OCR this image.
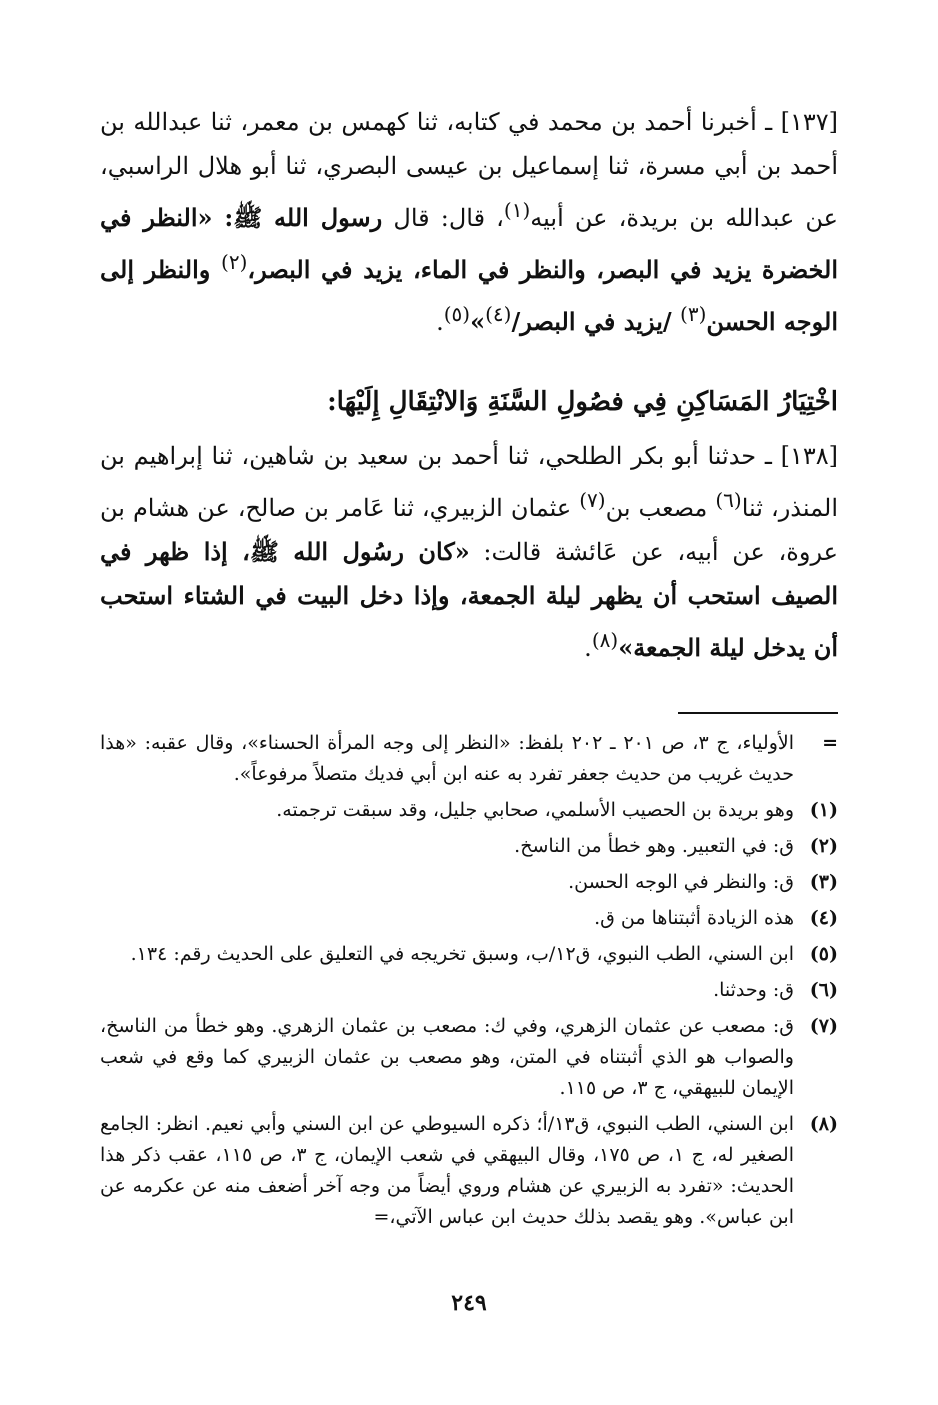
[١٣٧] ـ أخبرنا أحمد بن محمد في كتابه، ثنا كهمس بن معمر، ثنا عبدالله بن أحمد بن أبي مسرة، ثنا إسماعيل بن عيسى البصري، ثنا أبو هلال الراسبي، عن عبدالله بن بريدة، عن أبيه$^{(١)}$، قال: قال رسول الله ﷺ: «النظر في الخضرة يزيد في البصر، والنظر في الماء، يزيد في البصر،$^{(٢)}$ والنظر إلى الوجه الحسن$^{(٣)}$ /يزيد في البصر/$^{(٤)}$»$^{(٥)}$.

اخْتِيَارُ المَسَاكِنِ فِي فصُولِ السَّنَةِ وَالانْتِقَالِ إِلَيْهَا:

[١٣٨] ـ حدثنا أبو بكر الطلحي، ثنا أحمد بن سعيد بن شاهين، ثنا إبراهيم بن المنذر، ثنا$^{(٦)}$ مصعب بن$^{(٧)}$ عثمان الزبيري، ثنا عَامر بن صالح، عن هشام بن عروة، عن أبيه، عن عَائشة قالت: «كان رسُول الله ﷺ، إذا ظهر في الصيف استحب أن يظهر ليلة الجمعة، وإذا دخل البيت في الشتاء استحب أن يدخل ليلة الجمعة»$^{(٨)}$.

=
الأولياء، ج ٣، ص ٢٠١ ـ ٢٠٢ بلفظ: «النظر إلى وجه المرأة الحسناء»، وقال عقبه: «هذا حديث غريب من حديث جعفر تفرد به عنه ابن أبي فديك متصلاً مرفوعاً».
(١)
وهو بريدة بن الحصيب الأسلمي، صحابي جليل، وقد سبقت ترجمته.
(٢)
ق: في التعبير. وهو خطأ من الناسخ.
(٣)
ق: والنظر في الوجه الحسن.
(٤)
هذه الزيادة أثبتناها من ق.
(٥)
ابن السني، الطب النبوي، ق١٢/ب، وسبق تخريجه في التعليق على الحديث رقم: ١٣٤.
(٦)
ق: وحدثنا.
(٧)
ق: مصعب عن عثمان الزهري، وفي ك: مصعب بن عثمان الزهري. وهو خطأ من الناسخ، والصواب هو الذي أثبتناه في المتن، وهو مصعب بن عثمان الزبيري كما وقع في شعب الإيمان للبيهقي، ج ٣، ص ١١٥.
(٨)
ابن السني، الطب النبوي، ق١٣/أ؛ ذكره السيوطي عن ابن السني وأبي نعيم. انظر: الجامع الصغير له، ج ١، ص ١٧٥، وقال البيهقي في شعب الإيمان، ج ٣، ص ١١٥، عقب ذكر هذا الحديث: «تفرد به الزبيري عن هشام وروي أيضاً من وجه آخر أضعف منه عن عكرمه عن ابن عباس». وهو يقصد بذلك حديث ابن عباس الآتي،=
٢٤٩
